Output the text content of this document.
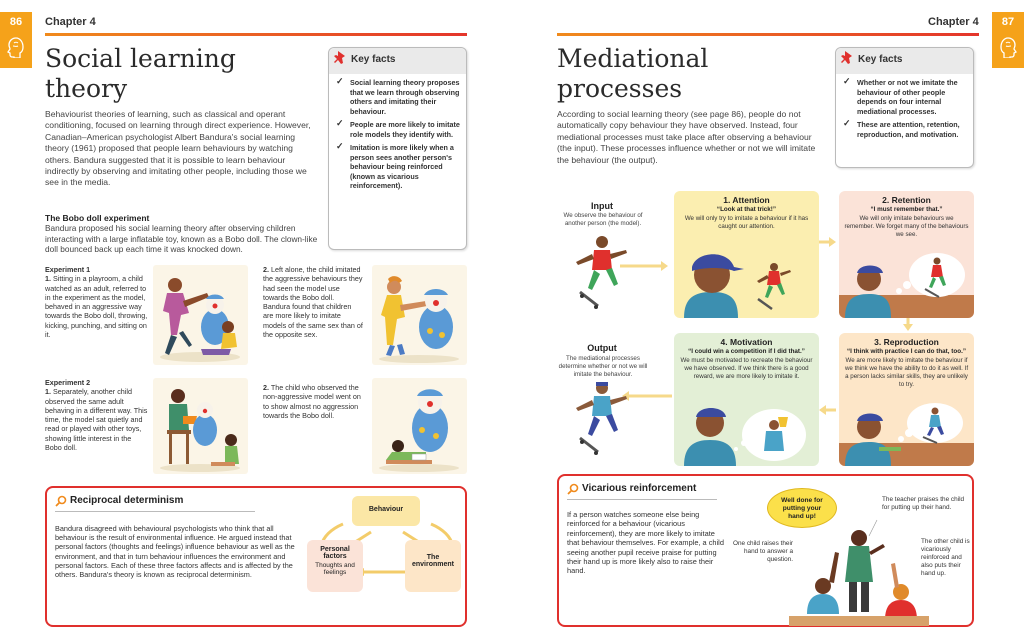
86	Chapter 4
Social learning
theory
Behaviourist theories of learning, such as classical and operant conditioning, focused on learning through direct experience. However, Canadian–American psychologist Albert Bandura's social learning theory (1961) proposed that people learn behaviours by watching others. Bandura suggested that it is possible to learn behaviour indirectly by observing and imitating other people, including those we see in the media.
Key facts
✓ Social learning theory proposes that we learn through observing others and imitating their behaviour.
✓ People are more likely to imitate role models they identify with.
✓ Imitation is more likely when a person sees another person's behaviour being reinforced (known as vicarious reinforcement).
The Bobo doll experiment
Bandura proposed his social learning theory after observing children interacting with a large inflatable toy, known as a Bobo doll. The clown-like doll bounced back up each time it was knocked down.
Experiment 1
1. Sitting in a playroom, a child watched as an adult, referred to in the experiment as the model, behaved in an aggressive way towards the Bobo doll, throwing, kicking, punching, and sitting on it.
2. Left alone, the child imitated the aggressive behaviours they had seen the model use towards the Bobo doll. Bandura found that children are more likely to imitate models of the same sex than of the opposite sex.
Experiment 2
1. Separately, another child observed the same adult behaving in a different way. This time, the model sat quietly and read or played with other toys, showing little interest in the Bobo doll.
2. The child who observed the non-aggressive model went on to show almost no aggression towards the Bobo doll.
Reciprocal determinism
Bandura disagreed with behavioural psychologists who think that all behaviour is the result of environmental influence. He argued instead that personal factors (thoughts and feelings) influence behaviour as well as the environment, and that in turn behaviour influences the environment and personal factors. Each of these three factors affects and is affected by the others. Bandura's theory is known as reciprocal determinism.
Behaviour
Personal
factors
Thoughts and feelings
The
environment
87
Chapter 4
Mediational
processes
According to social learning theory (see page 86), people do not automatically copy behaviour they have observed. Instead, four mediational processes must take place after observing a behaviour (the input). These processes influence whether or not we will imitate the behaviour (the output).
Key facts
✓ Whether or not we imitate the behaviour of other people depends on four internal mediational processes.
✓ These are attention, retention, reproduction, and motivation.
Input
We observe the behaviour of another person (the model).
Output
The mediational processes determine whether or not we will imitate the behaviour.
1. Attention
“Look at that trick!”
We will only try to imitate a behaviour if it has caught our attention.
2. Retention
“I must remember that.”
We will only imitate behaviours we remember. We forget many of the behaviours we see.
4. Motivation
“I could win a competition if I did that.”
We must be motivated to recreate the behaviour we have observed. If we think there is a good reward, we are more likely to imitate it.
3. Reproduction
“I think with practice I can do that, too.”
We are more likely to imitate the behaviour if we think we have the ability to do it as well. If a person lacks similar skills, they are unlikely to try.
Vicarious reinforcement
If a person watches someone else being reinforced for a behaviour (vicarious reinforcement), they are more likely to imitate that behaviour themselves. For example, a child seeing another pupil receive praise for putting their hand up is more likely also to raise their hand.
Well done for putting your hand up!
The teacher praises the child for putting up their hand.
One child raises their hand to answer a question.
The other child is vicariously reinforced and also puts their hand up.
